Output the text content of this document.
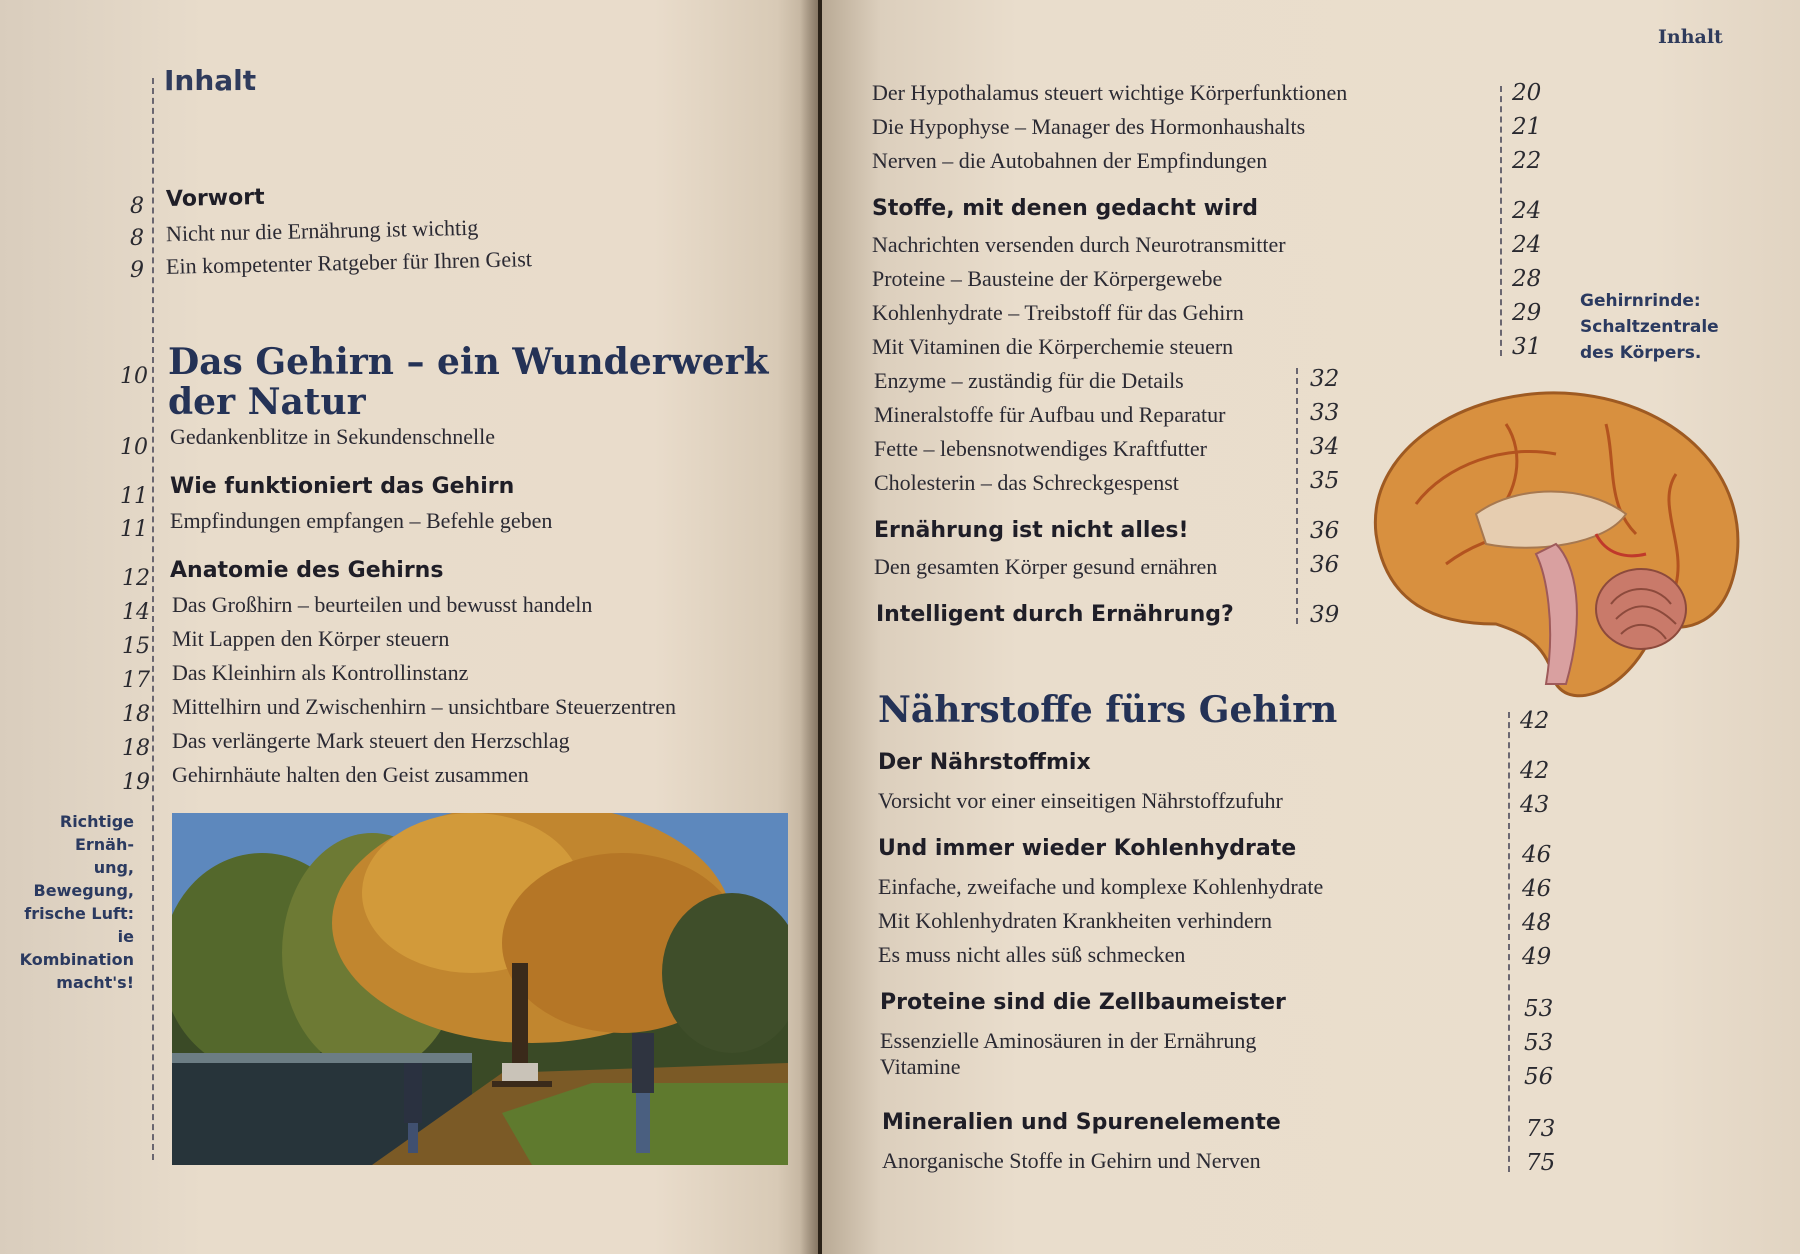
Inhalt
8
8
9
10
10
11
11
12
14
15
17
18
18
19
Vorwort
Nicht nur die Ernährung ist wichtig
Ein kompetenter Ratgeber für Ihren Geist
Das Gehirn – ein Wunderwerk
der Natur
Gedankenblitze in Sekundenschnelle
Wie funktioniert das Gehirn
Empfindungen empfangen – Befehle geben
Anatomie des Gehirns
Das Großhirn – beurteilen und bewusst handeln
Mit Lappen den Körper steuern
Das Kleinhirn als Kontrollinstanz
Mittelhirn und Zwischenhirn – unsichtbare Steuerzentren
Das verlängerte Mark steuert den Herzschlag
Gehirnhäute halten den Geist zusammen
Richtige Ernäh-
ung, Bewegung,
frische Luft:
ie Kombination
macht's!
Inhalt
20
21
22
24
24
28
29
31
32
33
34
35
36
36
39
42
42
43
46
46
48
49
53
53
56
73
75
Der Hypothalamus steuert wichtige Körperfunktionen
Die Hypophyse – Manager des Hormonhaushalts
Nerven – die Autobahnen der Empfindungen
Stoffe, mit denen gedacht wird
Nachrichten versenden durch Neurotransmitter
Proteine – Bausteine der Körpergewebe
Kohlenhydrate – Treibstoff für das Gehirn
Mit Vitaminen die Körperchemie steuern
Enzyme – zuständig für die Details
Mineralstoffe für Aufbau und Reparatur
Fette – lebensnotwendiges Kraftfutter
Cholesterin – das Schreckgespenst
Ernährung ist nicht alles!
Den gesamten Körper gesund ernähren
Intelligent durch Ernährung?
Nährstoffe fürs Gehirn
Der Nährstoffmix
Vorsicht vor einer einseitigen Nährstoffzufuhr
Und immer wieder Kohlenhydrate
Einfache, zweifache und komplexe Kohlenhydrate
Mit Kohlenhydraten Krankheiten verhindern
Es muss nicht alles süß schmecken
Proteine sind die Zellbaumeister
Essenzielle Aminosäuren in der Ernährung
Vitamine
Mineralien und Spurenelemente
Anorganische Stoffe in Gehirn und Nerven
Gehirnrinde:
Schaltzentrale
des Körpers.
